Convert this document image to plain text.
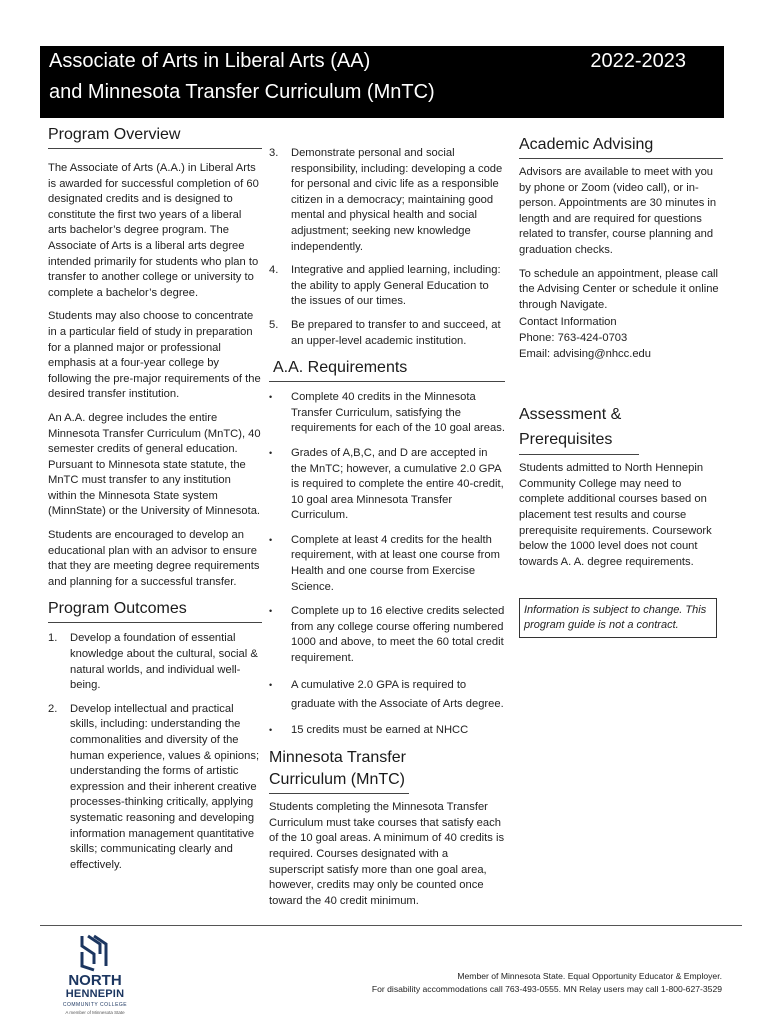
Associate of Arts in Liberal Arts (AA)
and Minnesota Transfer Curriculum (MnTC)
2022-2023
Program Overview

The Associate of Arts (A.A.) in Liberal Arts is awarded for successful completion of 60 designated credits and is designed to constitute the first two years of a liberal arts bachelor’s degree program. The Associate of Arts is a liberal arts degree intended primarily for students who plan to transfer to another college or university to complete a bachelor’s degree.

Students may also choose to concentrate in a particular field of study in preparation for a planned major or professional emphasis at a four-year college by following the pre-major requirements of the desired transfer institution.

An A.A. degree includes the entire Minnesota Transfer Curriculum (MnTC), 40 semester credits of general education. Pursuant to Minnesota state statute, the MnTC must transfer to any institution within the Minnesota State system (MinnState) or the University of Minnesota.

Students are encouraged to develop an educational plan with an advisor to ensure that they are meeting degree requirements and planning for a successful transfer.

Program Outcomes
1. Develop a foundation of essential knowledge about the cultural, social & natural worlds, and individual well-being.
2. Develop intellectual and practical skills, including: understanding the commonalities and diversity of the human experience, values & opinions; understanding the forms of artistic expression and their inherent creative processes-thinking critically, applying systematic reasoning and developing information management quantitative skills; communicating clearly and effectively.
3. Demonstrate personal and social responsibility, including: developing a code for personal and civic life as a responsible citizen in a democracy; maintaining good mental and physical health and social adjustment; seeking new knowledge independently.
4. Integrative and applied learning, including: the ability to apply General Education to the issues of our times.
5. Be prepared to transfer to and succeed, at an upper-level academic institution.
A.A. Requirements
• Complete 40 credits in the Minnesota Transfer Curriculum, satisfying the requirements for each of the 10 goal areas.
• Grades of A,B,C, and D are accepted in the MnTC; however, a cumulative 2.0 GPA is required to complete the entire 40-credit, 10 goal area Minnesota Transfer Curriculum.
• Complete at least 4 credits for the health requirement, with at least one course from Health and one course from Exercise Science.
• Complete up to 16 elective credits selected from any college course offering numbered 1000 and above, to meet the 60 total credit requirement.
• A cumulative 2.0 GPA is required to graduate with the Associate of Arts degree.
• 15 credits must be earned at NHCC
Minnesota Transfer Curriculum (MnTC)

Students completing the Minnesota Transfer Curriculum must take courses that satisfy each of the 10 goal areas. A minimum of 40 credits is required. Courses designated with a superscript satisfy more than one goal area, however, credits may only be counted once toward the 40 credit minimum.

Academic Advising

Advisors are available to meet with you by phone or Zoom (video call), or in-person. Appointments are 30 minutes in length and are required for questions related to transfer, course planning and graduation checks.

To schedule an appointment, please call the Advising Center or schedule it online through Navigate.

Contact Information
Phone: 763-424-0703
Email: advising@nhcc.edu
Assessment & Prerequisites

Students admitted to North Hennepin Community College may need to complete additional courses based on placement test results and course prerequisite requirements. Coursework below the 1000 level does not count towards A. A. degree requirements.

Information is subject to change. This program guide is not a contract.
NORTH
HENNEPIN
COMMUNITY COLLEGE
A member of Minnesota State
Member of Minnesota State. Equal Opportunity Educator & Employer.
For disability accommodations call 763-493-0555. MN Relay users may call 1-800-627-3529
